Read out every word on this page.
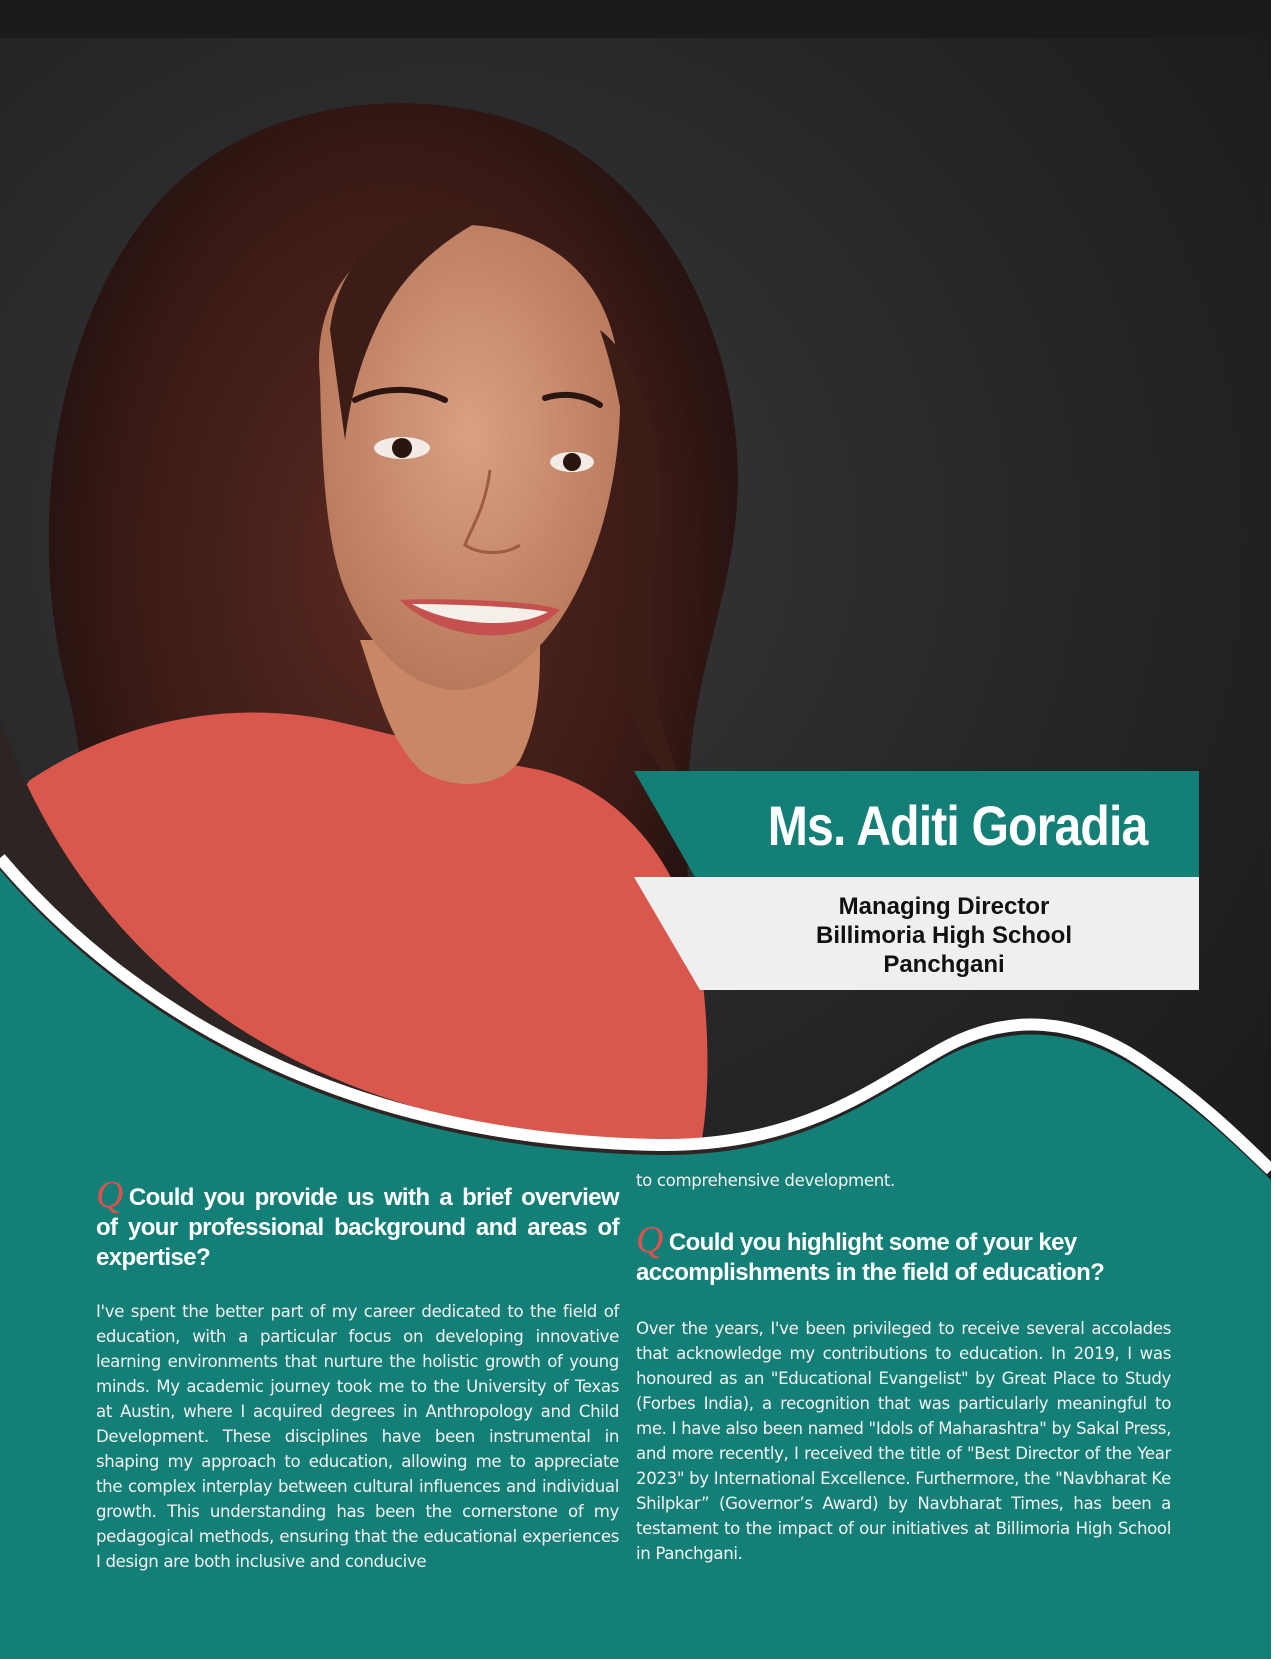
Ms. Aditi Goradia
Managing Director
Billimoria High School
Panchgani

Q Could you provide us with a brief overview of your professional background and areas of expertise?

I've spent the better part of my career dedicated to the field of education, with a particular focus on developing innovative learning environments that nurture the holistic growth of young minds. My academic journey took me to the University of Texas at Austin, where I acquired degrees in Anthropology and Child Development. These disciplines have been instrumental in shaping my approach to education, allowing me to appreciate the complex interplay between cultural influences and individual growth. This understanding has been the cornerstone of my pedagogical methods, ensuring that the educational experiences I design are both inclusive and conducive

to comprehensive development.

Q Could you highlight some of your key accomplishments in the field of education?

Over the years, I've been privileged to receive several accolades that acknowledge my contributions to education. In 2019, I was honoured as an "Educational Evangelist" by Great Place to Study (Forbes India), a recognition that was particularly meaningful to me. I have also been named "Idols of Maharashtra" by Sakal Press, and more recently, I received the title of "Best Director of the Year 2023" by International Excellence. Furthermore, the "Navbharat Ke Shilpkar” (Governor’s Award) by Navbharat Times, has been a testament to the impact of our initiatives at Billimoria High School in Panchgani.
